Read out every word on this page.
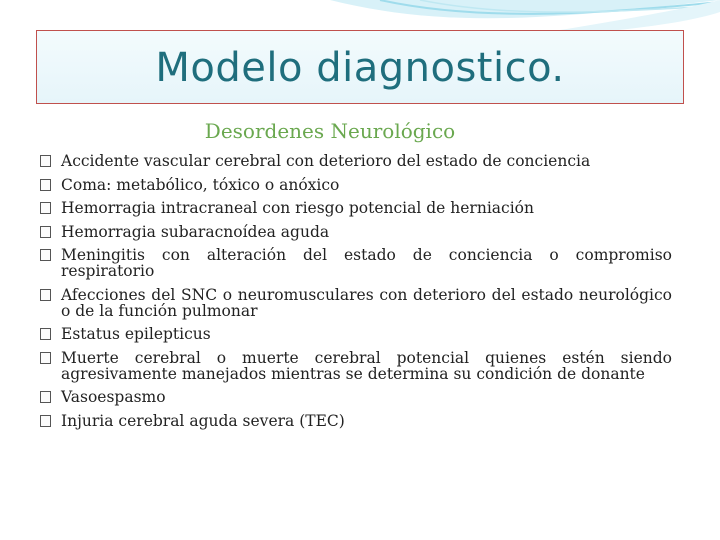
Modelo diagnostico.
Desordenes Neurológico
Accidente vascular cerebral con deterioro del estado de conciencia
Coma: metabólico, tóxico o anóxico
Hemorragia intracraneal con riesgo potencial de herniación
Hemorragia subaracnoídea aguda
Meningitis con alteración del estado de conciencia o compromiso respiratorio
Afecciones del SNC o neuromusculares con deterioro del estado neurológico o de la función pulmonar
Estatus epilepticus
Muerte cerebral o muerte cerebral potencial quienes estén siendo agresivamente manejados mientras se determina su condición de donante
Vasoespasmo
Injuria cerebral aguda severa (TEC)
